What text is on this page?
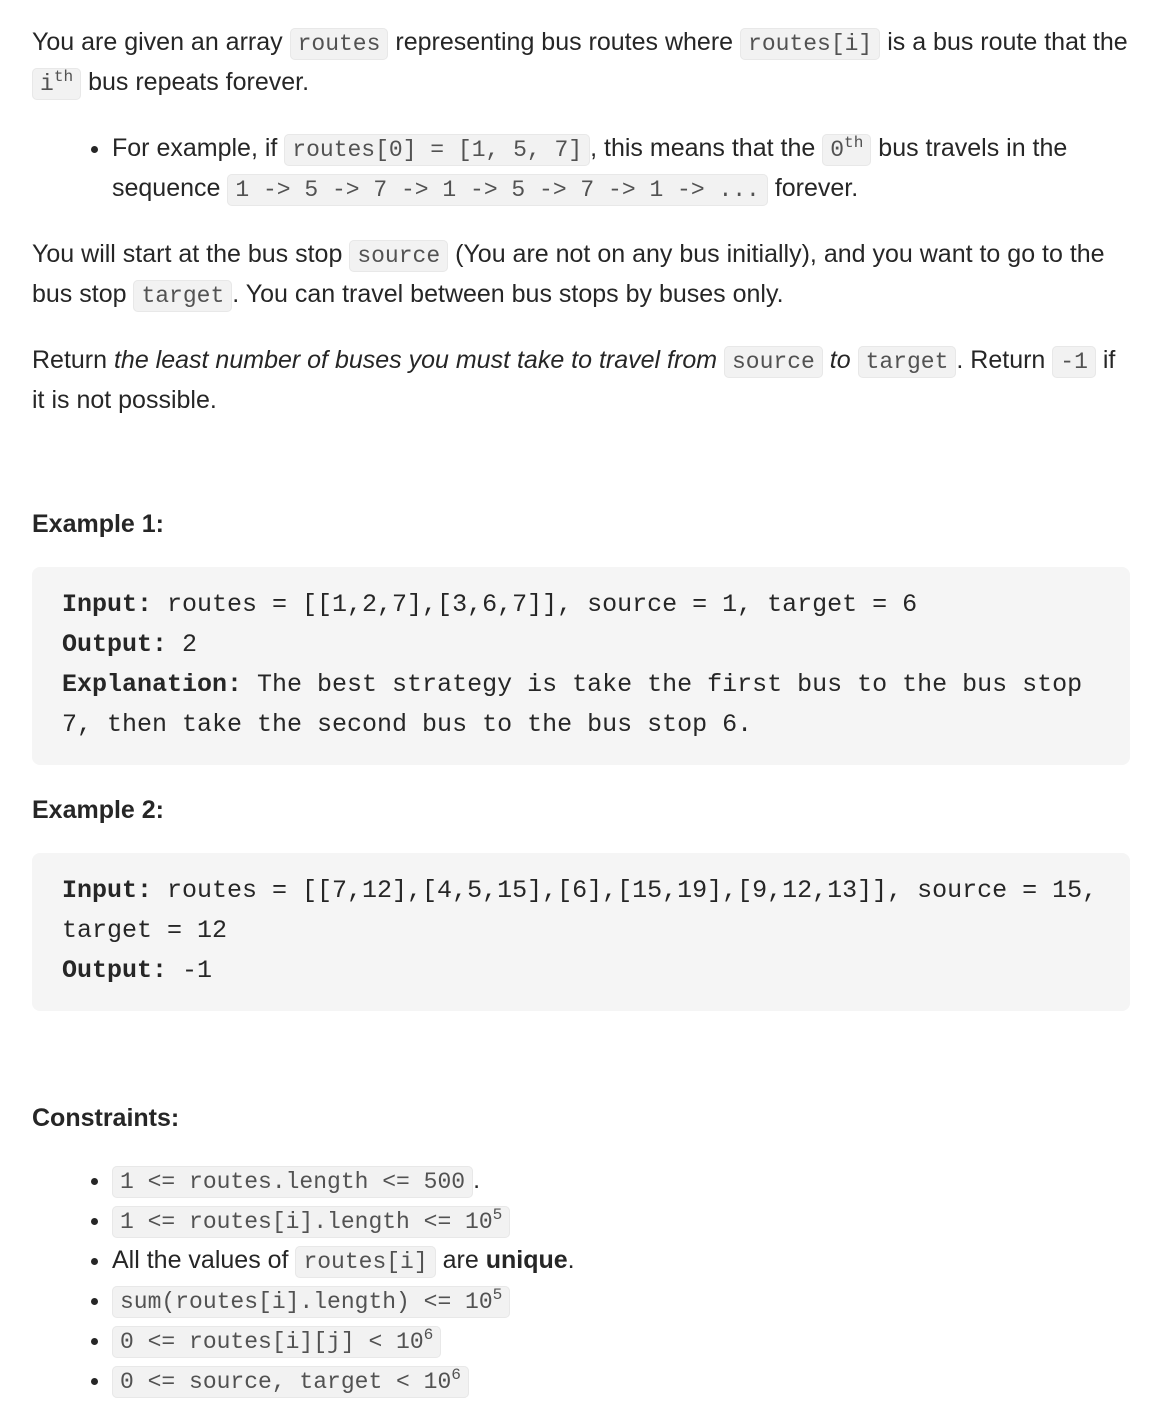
You are given an array routes representing bus routes where routes[i] is a bus route that the $i^{th}$ bus repeats forever.

• For example, if routes[0] = [1, 5, 7] , this means that the 0th bus travels in the sequence 1 -> 5 -> 7 -> 1 -> 5 -> 7 -> 1 -> ... forever.

You will start at the bus stop source (You are not on any bus initially), and you want to go to the bus stop target . You can travel between bus stops by buses only.

Return the least number of buses you must take to travel from source to target . Return -1 if it is not possible.

Example 1:
Input: routes = [[1,2,7],[3,6,7]], source = 1, target = 6
Output: 2
Explanation: The best strategy is take the first bus to the bus stop 7, then take the second bus to the bus stop 6.
Example 2:
Input: routes = [[7,12],[4,5,15],[6],[15,19],[9,12,13]], source = 15, target = 12
Output: -1
Constraints:
• 1 <= routes.length <= 500 .
• 1 <= routes[i].length <= $10^5$
• All the values of routes[i] are unique.
• sum(routes[i].length) <= $10^5$
• 0 <= routes[i][j] < $10^6$
• 0 <= source, target < $10^6$
